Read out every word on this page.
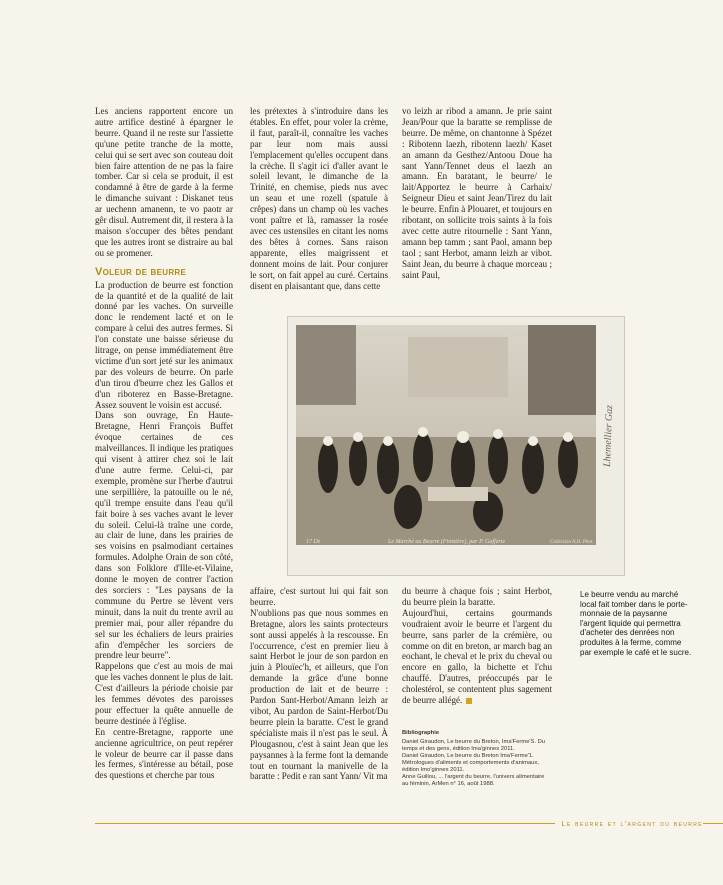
Les anciens rapportent encore un autre artifice destiné à épargner le beurre. Quand il ne reste sur l'assiette qu'une petite tranche de la motte, celui qui se sert avec son couteau doit bien faire attention de ne pas la faire tomber. Car si cela se produit, il est condamné à être de garde à la ferme le dimanche suivant : Diskanet teus ar uechenn amanenn, te vo paotr ar gêr disul. Autrement dit, il restera à la maison s'occuper des bêtes pendant que les autres iront se distraire au bal ou se promener.

Voleur de beurre

La production de beurre est fonction de la quantité et de la qualité de lait donné par les vaches. On surveille donc le rendement lacté et on le compare à celui des autres fermes. Si l'on constate une baisse sérieuse du litrage, on pense immédiatement être victime d'un sort jeté sur les animaux par des voleurs de beurre. On parle d'un tirou d'beurre chez les Gallos et d'un riboterez en Basse-Bretagne. Assez souvent le voisin est accusé.

Dans son ouvrage, En Haute-Bretagne, Henri François Buffet évoque certaines de ces malveillances. Il indique les pratiques qui visent à attirer chez soi le lait d'une autre ferme. Celui-ci, par exemple, promène sur l'herbe d'autrui une serpillière, la patouille ou le né, qu'il trempe ensuite dans l'eau qu'il fait boire à ses vaches avant le lever du soleil. Celui-là traîne une corde, au clair de lune, dans les prairies de ses voisins en psalmodiant certaines formules. Adolphe Orain de son côté, dans son Folklore d'Ille-et-Vilaine, donne le moyen de contrer l'action des sorciers : "Les paysans de la commune du Pertre se lèvent vers minuit, dans la nuit du trente avril au premier mai, pour aller répandre du sel sur les échaliers de leurs prairies afin d'empêcher les sorciers de prendre leur beurre".

Rappelons que c'est au mois de mai que les vaches donnent le plus de lait. C'est d'ailleurs la période choisie par les femmes dévotes des paroisses pour effectuer la quête annuelle de beurre destinée à l'église.

En centre-Bretagne, rapporte une ancienne agricultrice, on peut repérer le voleur de beurre car il passe dans les fermes, s'intéresse au bétail, pose des questions et cherche par tous

les prétextes à s'introduire dans les étables. En effet, pour voler la crème, il faut, paraît-il, connaître les vaches par leur nom mais aussi l'emplacement qu'elles occupent dans la crèche. Il s'agit ici d'aller avant le soleil levant, le dimanche de la Trinité, en chemise, pieds nus avec un seau et une rozell (spatule à crêpes) dans un champ où les vaches vont paître et là, ramasser la rosée avec ces ustensiles en citant les noms des bêtes à cornes. Sans raison apparente, elles maigrissent et donnent moins de lait. Pour conjurer le sort, on fait appel au curé. Certains disent en plaisantant que, dans cette

vo leizh ar ribod a amann. Je prie saint Jean/Pour que la baratte se remplisse de beurre. De même, on chantonne à Spézet : Ribotenn laezh, ribotenn laezh/ Kaset an amann da Gesthez/Antoou Doue ha sant Yann/Tennet deus el laezh an amann. En baratant, le beurre/ le lait/Apportez le beurre à Carhaix/ Seigneur Dieu et saint Jean/Tirez du lait le beurre. Enfin à Plouaret, et toujours en ribotant, on sollicite trois saints à la fois avec cette autre ritournelle : Sant Yann, amann bep tamm ; sant Paol, amann bep taol ; sant Herbot, amann leizh ar vibot. Saint Jean, du beurre à chaque morceau ; saint Paul,

17 Dz	Le Marché au Beurre (Finistère), par P. Gafferie	Collection N.D. Phot.
Lhemellier Gaz

affaire, c'est surtout lui qui fait son beurre.

N'oublions pas que nous sommes en Bretagne, alors les saints protecteurs sont aussi appelés à la rescousse. En l'occurrence, c'est en premier lieu à saint Herbot le jour de son pardon en juin à Plouïec'h, et ailleurs, que l'on demande la grâce d'une bonne production de lait et de beurre : Pardon Sant-Herbot/Amann leizh ar vibot, Au pardon de Saint-Herbot/Du beurre plein la baratte. C'est le grand spécialiste mais il n'est pas le seul. À Plougasnou, c'est à saint Jean que les paysannes à la ferme font la demande tout en tournant la manivelle de la baratte : Pedit e ran sant Yann/ Vit ma

du beurre à chaque fois ; saint Herbot, du beurre plein la baratte.

Aujourd'hui, certains gourmands voudraient avoir le beurre et l'argent du beurre, sans parler de la crémière, ou comme on dit en breton, ar march bag an eochant, le cheval et le prix du cheval ou encore en gallo, la bichette et l'chu chauffé. D'autres, préoccupés par le cholestérol, se contentent plus sagement de beurre allégé.

Le beurre vendu au marché local fait tomber dans le porte-monnaie de la paysanne l'argent liquide qui permettra d'acheter des denrées non produites à la ferme, comme par exemple le café et le sucre.
Bibliographie
Daniel Giraudon, Le beurre du Breton, Ima'Ferme'S. Du temps et des gens, édition Ima'ginnes 2011.
Daniel Giraudon, Le beurre du Breton Ima'Ferme'1. Métrologues d'aliments et comportements d'animaux, édition Imo'ginnes 2011.
Anne Guillou, ... l'argent du beurre, l'univers alimentaire au féminin, ArMen n° 16, août 1988.
Le beurre et l'argent du beurre
